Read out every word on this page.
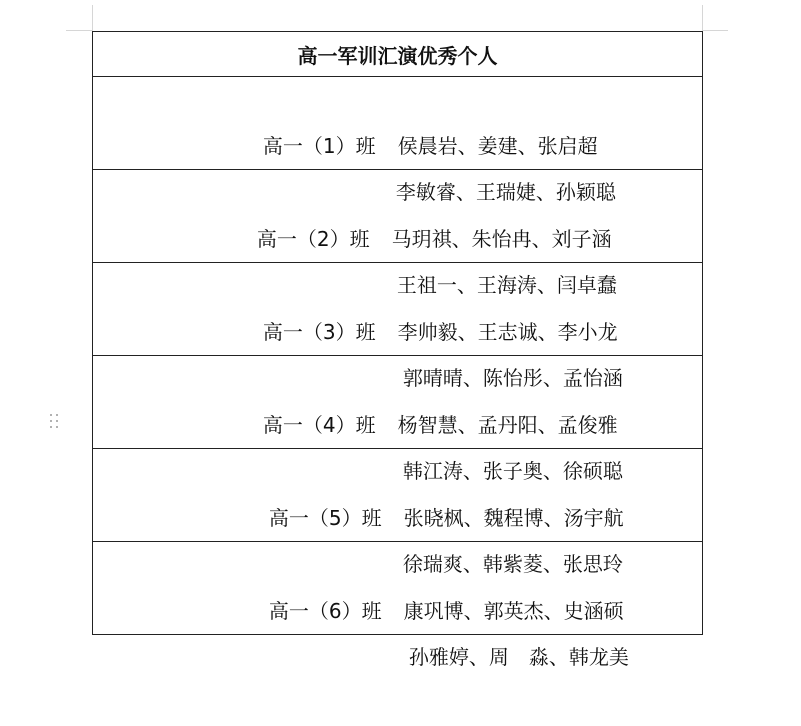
高一军训汇演优秀个人

高一（1）班 侯晨岩、姜建、张启超

李敏睿、王瑞婕、孙颖聪

高一（2）班 马玥祺、朱怡冉、刘子涵

王祖一、王海涛、闫卓蠢

高一（3）班 李帅毅、王志诚、李小龙

郭晴晴、陈怡彤、孟怡涵

高一（4）班 杨智慧、孟丹阳、孟俊雅

韩江涛、张子奥、徐硕聪

高一（5）班 张晓枫、魏程博、汤宇航

徐瑞爽、韩紫菱、张思玲

高一（6）班 康巩博、郭英杰、史涵硕

孙雅婷、周　淼、韩龙美
